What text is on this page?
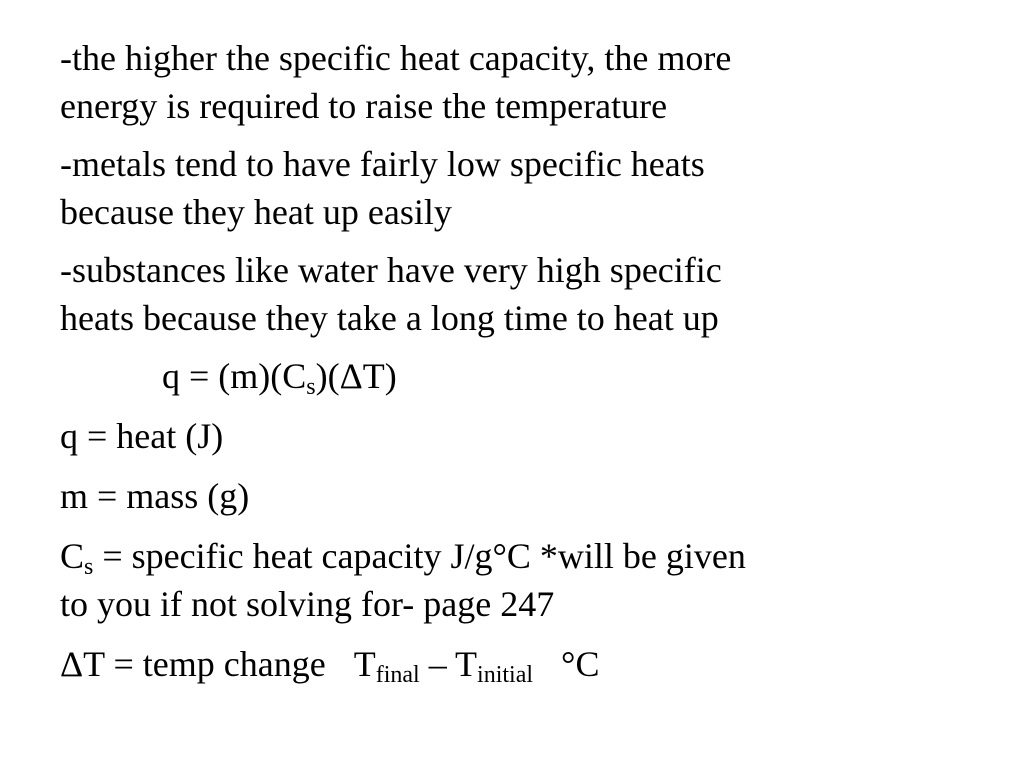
-the higher the specific heat capacity, the more
energy is required to raise the temperature
-metals tend to have fairly low specific heats
because they heat up easily
-substances like water have very high specific
heats because they take a long time to heat up
$q = (m)(C_s)(\Delta T)$
q = heat (J)
m = mass (g)
$C_s$ = specific heat capacity J/g°C *will be given
to you if not solving for- page 247
ΔT = temp change $T_{final} - T_{initial}$ °C
